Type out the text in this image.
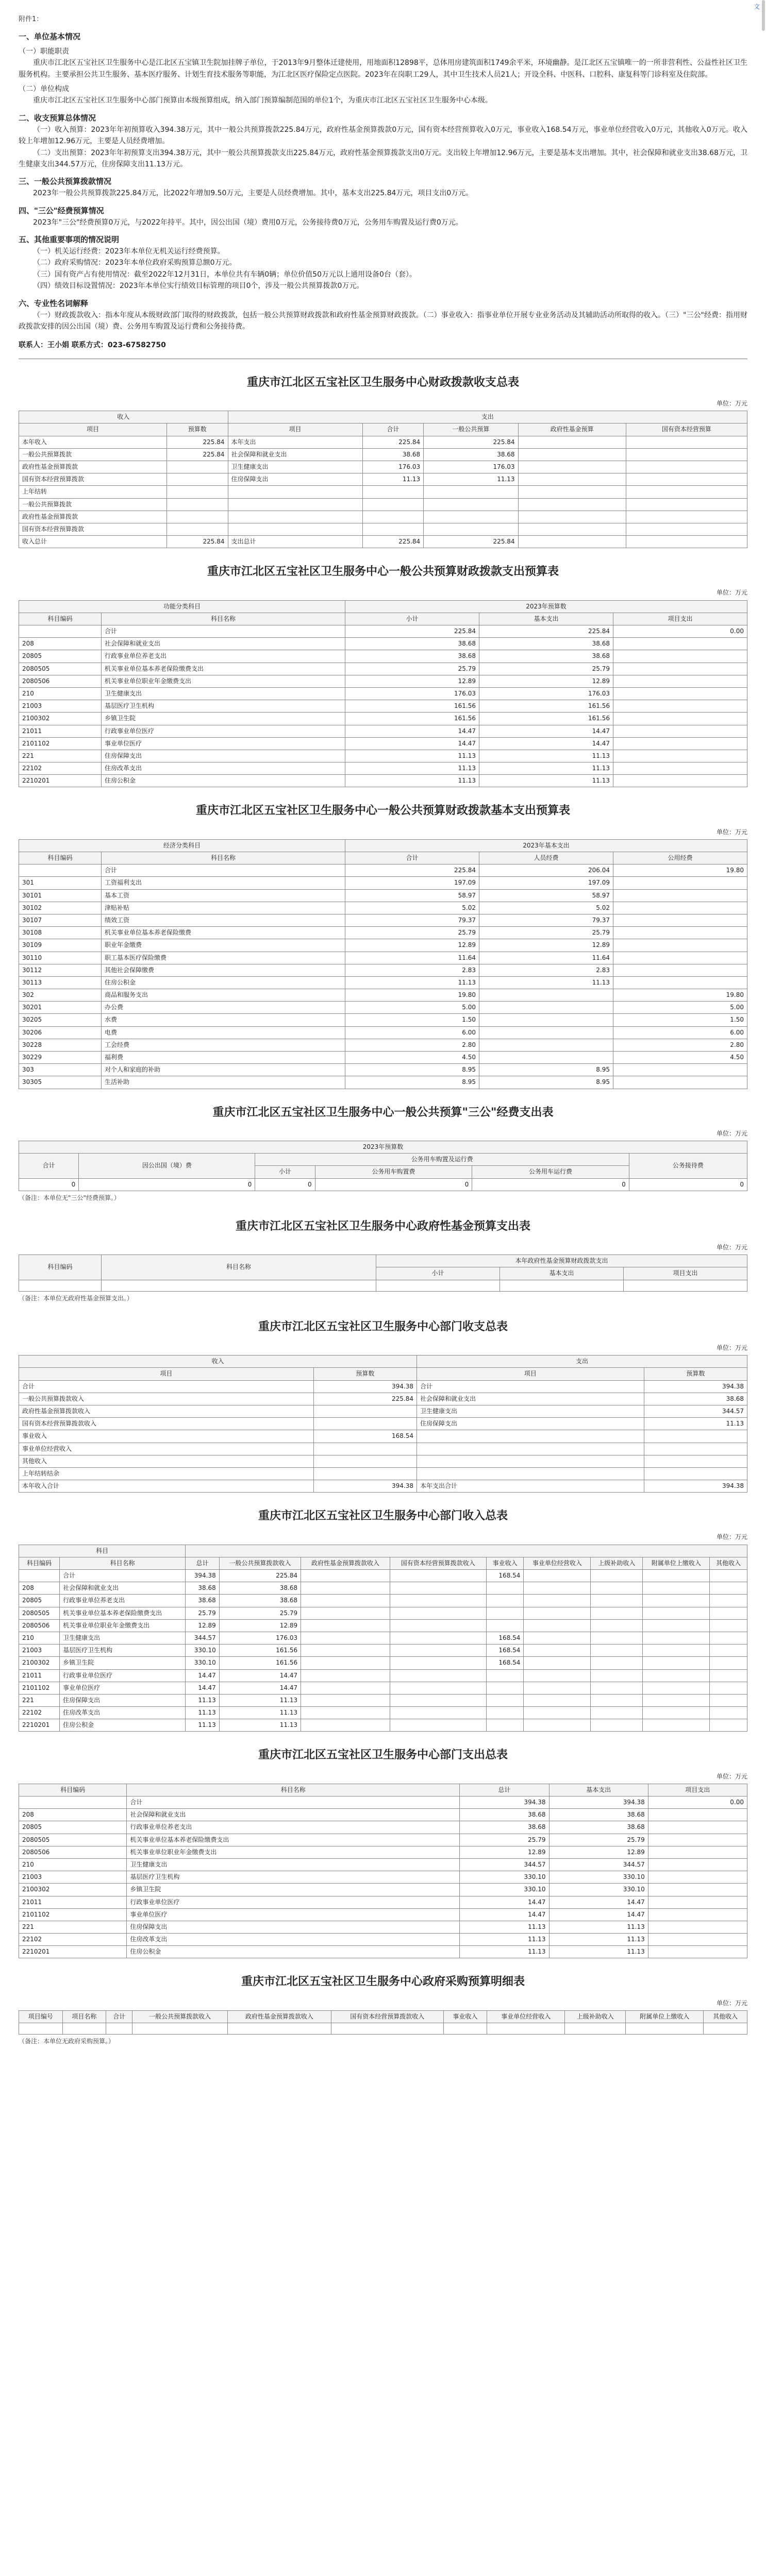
文
附件1：
一、单位基本情况
（一）职能职责
重庆市江北区五宝社区卫生服务中心是江北区五宝镇卫生院加挂牌子单位，于2013年9月整体迁建使用，用地面积12898平，总体用房建筑面积1749余平米，环境幽静。是江北区五宝镇唯一的一所非营利性、公益性社区卫生服务机构。主要承担公共卫生服务、基本医疗服务、计划生育技术服务等职能，为江北区医疗保险定点医院。2023年在岗职工29人，其中卫生技术人员21人；开设全科、中医科、口腔科、康复科等门诊科室及住院部。
（二）单位构成
重庆市江北区五宝社区卫生服务中心部门预算由本级预算组成，纳入部门预算编制范围的单位1个，为重庆市江北区五宝社区卫生服务中心本级。
二、收支预算总体情况
（一）收入预算：2023年年初预算收入394.38万元，其中一般公共预算拨款225.84万元，政府性基金预算拨款0万元，国有资本经营预算收入0万元，事业收入168.54万元，事业单位经营收入0万元，其他收入0万元。收入较上年增加12.96万元，主要是人员经费增加。
（二）支出预算：2023年年初预算支出394.38万元，其中一般公共预算拨款支出225.84万元，政府性基金预算拨款支出0万元。支出较上年增加12.96万元，主要是基本支出增加。其中，社会保障和就业支出38.68万元，卫生健康支出344.57万元，住房保障支出11.13万元。
三、一般公共预算拨款情况
2023年一般公共预算拨款225.84万元，比2022年增加9.50万元，主要是人员经费增加。其中，基本支出225.84万元，项目支出0万元。
四、"三公"经费预算情况
2023年"三公"经费预算0万元，与2022年持平。其中，因公出国（境）费用0万元，公务接待费0万元，公务用车购置及运行费0万元。
五、其他重要事项的情况说明
（一）机关运行经费：2023年本单位无机关运行经费预算。
（二）政府采购情况：2023年本单位政府采购预算总额0万元。
（三）国有资产占有使用情况：截至2022年12月31日，本单位共有车辆0辆；单位价值50万元以上通用设备0台（套）。
（四）绩效目标设置情况：2023年本单位实行绩效目标管理的项目0个，涉及一般公共预算拨款0万元。
六、专业性名词解释
（一）财政拨款收入：指本年度从本级财政部门取得的财政拨款，包括一般公共预算财政拨款和政府性基金预算财政拨款。（二）事业收入：指事业单位开展专业业务活动及其辅助活动所取得的收入。（三）"三公"经费：指用财政拨款安排的因公出国（境）费、公务用车购置及运行费和公务接待费。
联系人：王小娟 联系方式：023-67582750
重庆市江北区五宝社区卫生服务中心财政拨款收支总表
单位：万元
收入		支出				
项目	预算数	项目	合计	一般公共预算	政府性基金预算	国有资本经营预算
本年收入	225.84	本年支出	225.84	225.84		
一般公共预算拨款	225.84	社会保障和就业支出	38.68	38.68		
政府性基金预算拨款		卫生健康支出	176.03	176.03		
国有资本经营预算拨款		住房保障支出	11.13	11.13		
上年结转						
一般公共预算拨款						
政府性基金预算拨款						
国有资本经营预算拨款						
收入总计	225.84	支出总计	225.84	225.84		
重庆市江北区五宝社区卫生服务中心一般公共预算财政拨款支出预算表
单位：万元
功能分类科目		2023年预算数		
科目编码	科目名称	小计	基本支出	项目支出
	合计	225.84	225.84	0.00
208	社会保障和就业支出	38.68	38.68	
20805	行政事业单位养老支出	38.68	38.68	
2080505	机关事业单位基本养老保险缴费支出	25.79	25.79	
2080506	机关事业单位职业年金缴费支出	12.89	12.89	
210	卫生健康支出	176.03	176.03	
21003	基层医疗卫生机构	161.56	161.56	
2100302	乡镇卫生院	161.56	161.56	
21011	行政事业单位医疗	14.47	14.47	
2101102	事业单位医疗	14.47	14.47	
221	住房保障支出	11.13	11.13	
22102	住房改革支出	11.13	11.13	
2210201	住房公积金	11.13	11.13	
重庆市江北区五宝社区卫生服务中心一般公共预算财政拨款基本支出预算表
单位：万元
经济分类科目		2023年基本支出		
科目编码	科目名称	合计	人员经费	公用经费
	合计	225.84	206.04	19.80
301	工资福利支出	197.09	197.09	
30101	基本工资	58.97	58.97	
30102	津贴补贴	5.02	5.02	
30107	绩效工资	79.37	79.37	
30108	机关事业单位基本养老保险缴费	25.79	25.79	
30109	职业年金缴费	12.89	12.89	
30110	职工基本医疗保险缴费	11.64	11.64	
30112	其他社会保障缴费	2.83	2.83	
30113	住房公积金	11.13	11.13	
302	商品和服务支出	19.80		19.80
30201	办公费	5.00		5.00
30205	水费	1.50		1.50
30206	电费	6.00		6.00
30228	工会经费	2.80		2.80
30229	福利费	4.50		4.50
303	对个人和家庭的补助	8.95	8.95	
30305	生活补助	8.95	8.95	
重庆市江北区五宝社区卫生服务中心一般公共预算"三公"经费支出表
单位：万元
2023年预算数					
合计	因公出国（境）费	公务用车购置及运行费			公务接待费
		小计	公务用车购置费	公务用车运行费	
0	0	0	0	0	0
（备注：本单位无"三公"经费预算。）
重庆市江北区五宝社区卫生服务中心政府性基金预算支出表
单位：万元
科目编码	科目名称	本年政府性基金预算财政拨款支出		
		小计	基本支出	项目支出

（备注：本单位无政府性基金预算支出。）
重庆市江北区五宝社区卫生服务中心部门收支总表
单位：万元
收入		支出	
项目	预算数	项目	预算数
合计	394.38	合计	394.38
一般公共预算拨款收入	225.84	社会保障和就业支出	38.68
政府性基金预算拨款收入		卫生健康支出	344.57
国有资本经营预算拨款收入		住房保障支出	11.13
事业收入	168.54		
事业单位经营收入			
其他收入			
上年结转结余			
本年收入合计	394.38	本年支出合计	394.38
重庆市江北区五宝社区卫生服务中心部门收入总表
单位：万元
科目										
科目编码	科目名称	总计	一般公共预算拨款收入	政府性基金预算拨款收入	国有资本经营预算拨款收入	事业收入	事业单位经营收入	上级补助收入	附属单位上缴收入	其他收入
	合计	394.38	225.84			168.54				
208	社会保障和就业支出	38.68	38.68							
20805	行政事业单位养老支出	38.68	38.68							
2080505	机关事业单位基本养老保险缴费支出	25.79	25.79							
2080506	机关事业单位职业年金缴费支出	12.89	12.89							
210	卫生健康支出	344.57	176.03			168.54				
21003	基层医疗卫生机构	330.10	161.56			168.54				
2100302	乡镇卫生院	330.10	161.56			168.54				
21011	行政事业单位医疗	14.47	14.47							
2101102	事业单位医疗	14.47	14.47							
221	住房保障支出	11.13	11.13							
22102	住房改革支出	11.13	11.13							
2210201	住房公积金	11.13	11.13							
重庆市江北区五宝社区卫生服务中心部门支出总表
单位：万元
科目编码	科目名称	总计	基本支出	项目支出
	合计	394.38	394.38	0.00
208	社会保障和就业支出	38.68	38.68	
20805	行政事业单位养老支出	38.68	38.68	
2080505	机关事业单位基本养老保险缴费支出	25.79	25.79	
2080506	机关事业单位职业年金缴费支出	12.89	12.89	
210	卫生健康支出	344.57	344.57	
21003	基层医疗卫生机构	330.10	330.10	
2100302	乡镇卫生院	330.10	330.10	
21011	行政事业单位医疗	14.47	14.47	
2101102	事业单位医疗	14.47	14.47	
221	住房保障支出	11.13	11.13	
22102	住房改革支出	11.13	11.13	
2210201	住房公积金	11.13	11.13	
重庆市江北区五宝社区卫生服务中心政府采购预算明细表
单位：万元
项目编号	项目名称	合计	一般公共预算拨款收入	政府性基金预算拨款收入	国有资本经营预算拨款收入	事业收入	事业单位经营收入	上级补助收入	附属单位上缴收入	其他收入

（备注：本单位无政府采购预算。）
